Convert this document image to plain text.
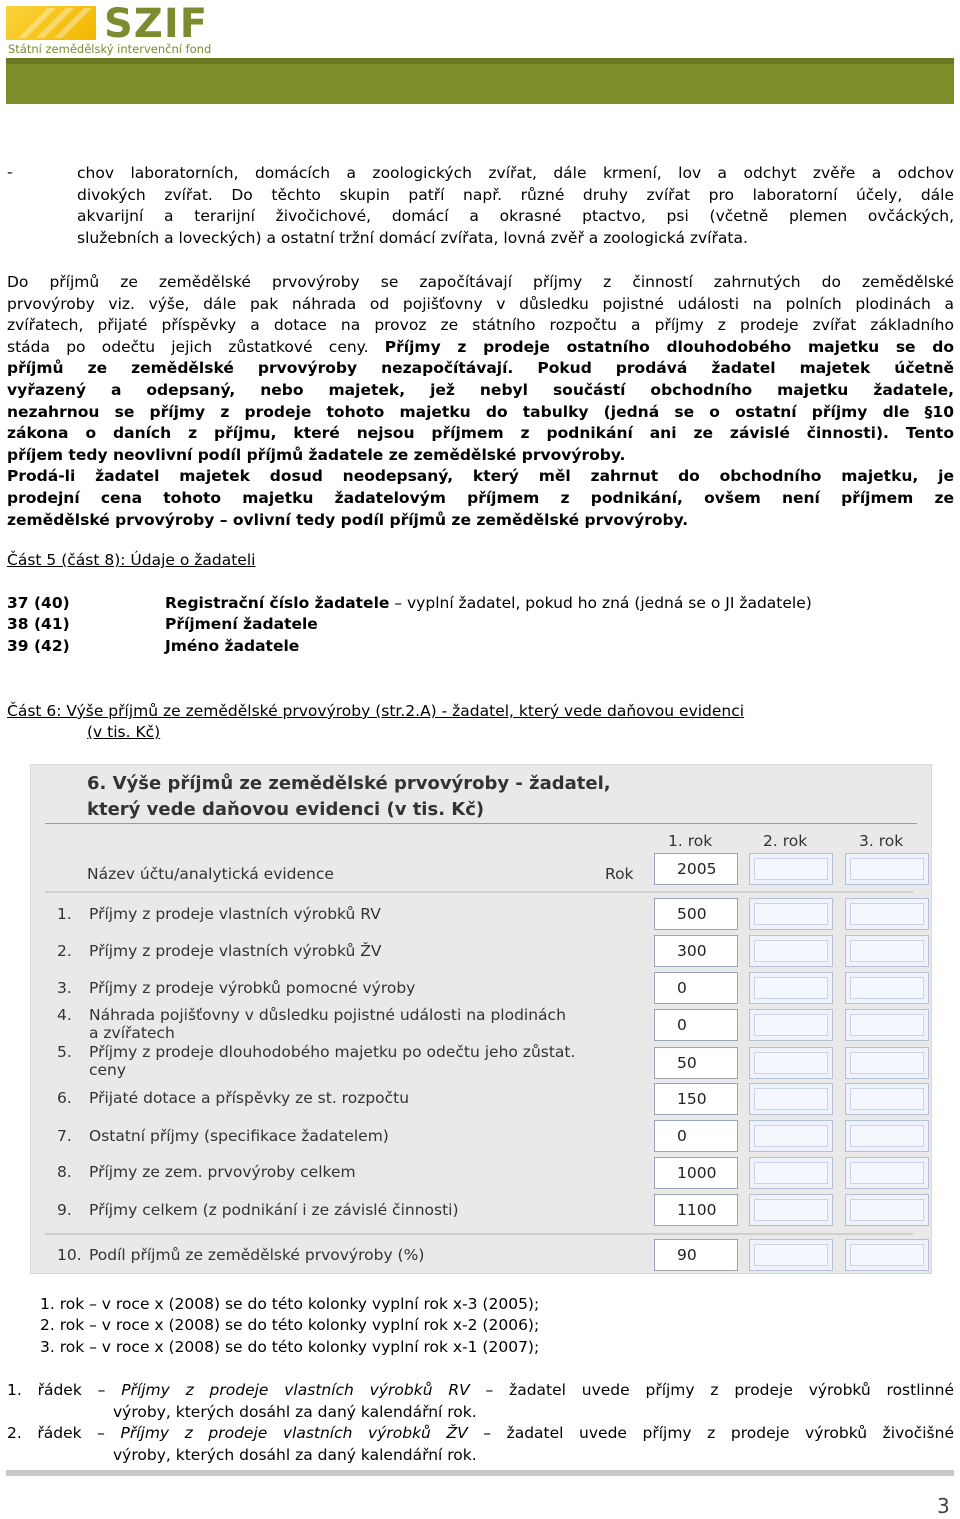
SZIF
Státní zemědělský intervenční fond
-	chov laboratorních, domácích a zoologických zvířat, dále krmení, lov a odchyt zvěře a odchov
divokých zvířat. Do těchto skupin patří např. různé druhy zvířat pro laboratorní účely, dále
akvarijní a terarijní živočichové, domácí a okrasné ptactvo, psi (včetně plemen ovčáckých,
služebních a loveckých) a ostatní tržní domácí zvířata, lovná zvěř a zoologická zvířata.
Do příjmů ze zemědělské prvovýroby se započítávají příjmy z činností zahrnutých do zemědělské
prvovýroby viz. výše, dále pak náhrada od pojišťovny v důsledku pojistné události na polních plodinách a
zvířatech, přijaté příspěvky a dotace na provoz ze státního rozpočtu a příjmy z prodeje zvířat základního
stáda po odečtu jejich zůstatkové ceny. Příjmy z prodeje ostatního dlouhodobého majetku se do
příjmů ze zemědělské prvovýroby nezapočítávají. Pokud prodává žadatel majetek účetně
vyřazený a odepsaný, nebo majetek, jež nebyl součástí obchodního majetku žadatele,
nezahrnou se příjmy z prodeje tohoto majetku do tabulky (jedná se o ostatní příjmy dle §10
zákona o daních z příjmu, které nejsou příjmem z podnikání ani ze závislé činnosti). Tento
příjem tedy neovlivní podíl příjmů žadatele ze zemědělské prvovýroby.
Prodá-li žadatel majetek dosud neodepsaný, který měl zahrnut do obchodního majetku, je
prodejní cena tohoto majetku žadatelovým příjmem z podnikání, ovšem není příjmem ze
zemědělské prvovýroby – ovlivní tedy podíl příjmů ze zemědělské prvovýroby.
Část 5 (část 8): Údaje o žadateli
37 (40)	Registrační číslo žadatele – vyplní žadatel, pokud ho zná (jedná se o JI žadatele)
38 (41)	Příjmení žadatele
39 (42)	Jméno žadatele
Část 6: Výše příjmů ze zemědělské prvovýroby (str.2.A) - žadatel, který vede daňovou evidenci
(v tis. Kč)
6. Výše příjmů ze zemědělské prvovýroby - žadatel,
který vede daňovou evidenci (v tis. Kč)
1. rok	2. rok	3. rok
Název účtu/analytická evidence	Rok	2005
1. Příjmy z prodeje vlastních výrobků RV	500
2. Příjmy z prodeje vlastních výrobků ŽV	300
3. Příjmy z prodeje výrobků pomocné výroby	0
4. Náhrada pojišťovny v důsledku pojistné události na plodinách
a zvířatech	0
5. Příjmy z prodeje dlouhodobého majetku po odečtu jeho zůstat.
ceny	50
6. Přijaté dotace a příspěvky ze st. rozpočtu	150
7. Ostatní příjmy (specifikace žadatelem)	0
8. Příjmy ze zem. prvovýroby celkem	1000
9. Příjmy celkem (z podnikání i ze závislé činnosti)	1100
10. Podíl příjmů ze zemědělské prvovýroby (%)	90
1. rok – v roce x (2008) se do této kolonky vyplní rok x-3 (2005);
2. rok – v roce x (2008) se do této kolonky vyplní rok x-2 (2006);
3. rok – v roce x (2008) se do této kolonky vyplní rok x-1 (2007);
1. řádek – Příjmy z prodeje vlastních výrobků RV – žadatel uvede příjmy z prodeje výrobků rostlinné
výroby, kterých dosáhl za daný kalendářní rok.
2. řádek – Příjmy z prodeje vlastních výrobků ŽV – žadatel uvede příjmy z prodeje výrobků živočišné
výroby, kterých dosáhl za daný kalendářní rok.
3
